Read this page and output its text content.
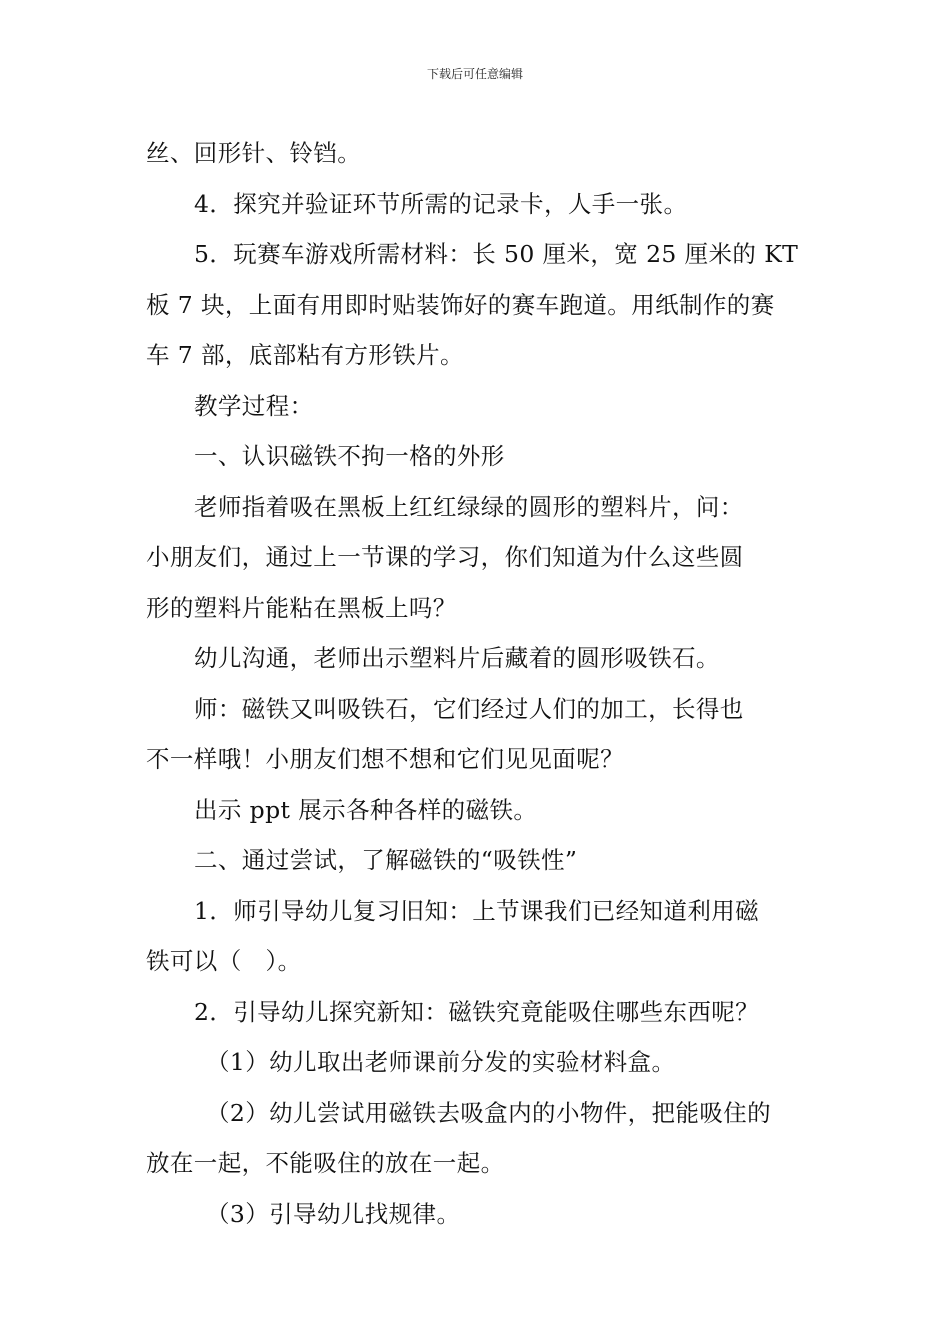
下载后可任意编辑
丝、回形针、铃铛。
4．探究并验证环节所需的记录卡，人手一张。
5．玩赛车游戏所需材料：长 50 厘米，宽 25 厘米的 KT
板 7 块，上面有用即时贴装饰好的赛车跑道。用纸制作的赛
车 7 部，底部粘有方形铁片。
教学过程：
一、认识磁铁不拘一格的外形
老师指着吸在黑板上红红绿绿的圆形的塑料片，问：
小朋友们，通过上一节课的学习，你们知道为什么这些圆
形的塑料片能粘在黑板上吗？
幼儿沟通，老师出示塑料片后藏着的圆形吸铁石。
师：磁铁又叫吸铁石，它们经过人们的加工，长得也
不一样哦！小朋友们想不想和它们见见面呢？
出示 ppt 展示各种各样的磁铁。
二、通过尝试，了解磁铁的“吸铁性”
1．师引导幼儿复习旧知：上节课我们已经知道利用磁
铁可以（　）。
2．引导幼儿探究新知：磁铁究竟能吸住哪些东西呢？
（1）幼儿取出老师课前分发的实验材料盒。
（2）幼儿尝试用磁铁去吸盒内的小物件，把能吸住的
放在一起，不能吸住的放在一起。
（3）引导幼儿找规律。
